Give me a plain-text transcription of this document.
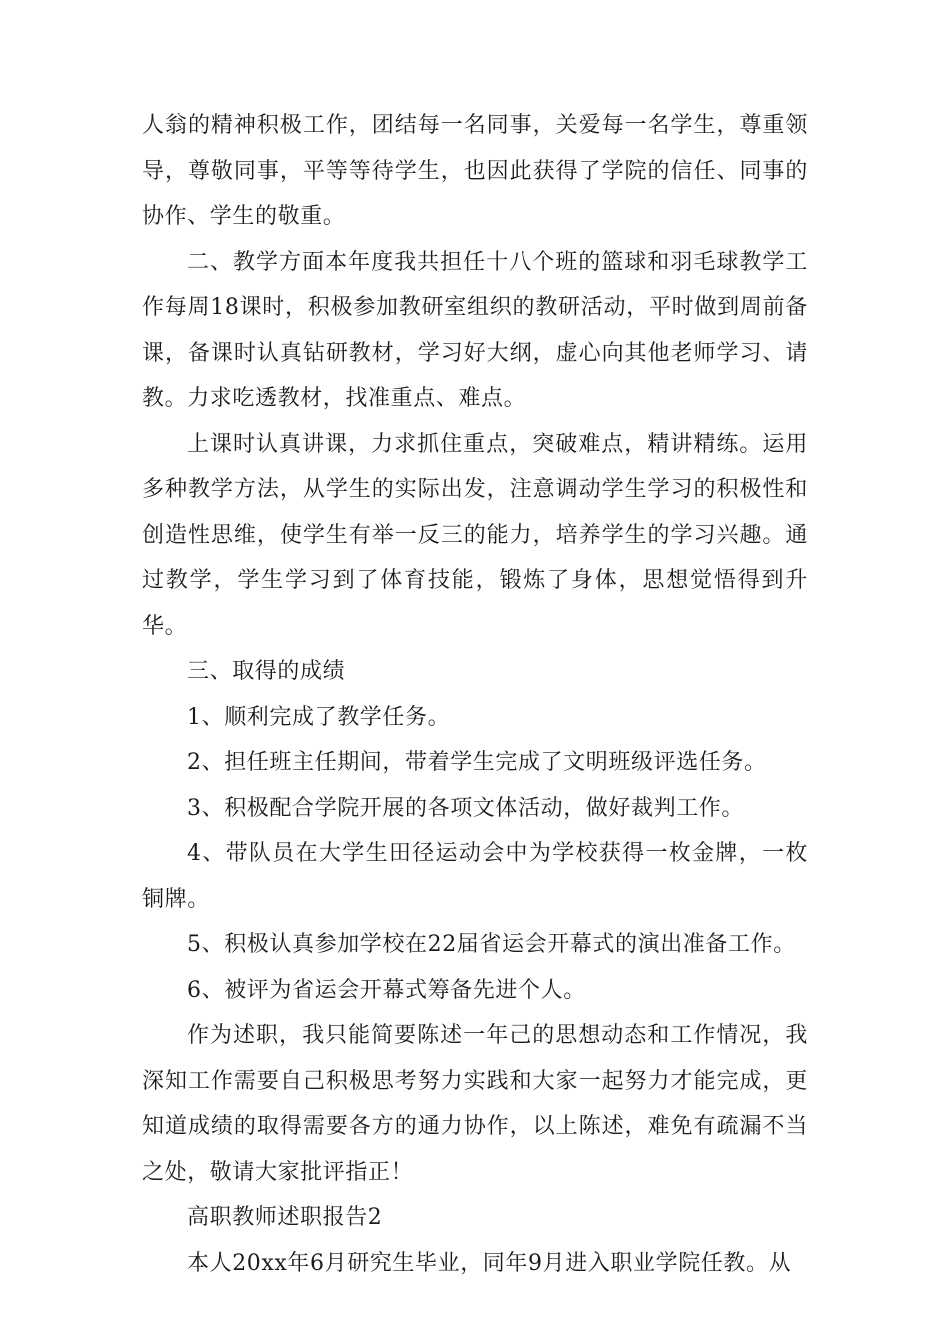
人翁的精神积极工作，团结每一名同事，关爱每一名学生，尊重领导，尊敬同事，平等等待学生，也因此获得了学院的信任、同事的协作、学生的敬重。

二、教学方面本年度我共担任十八个班的篮球和羽毛球教学工作每周18课时，积极参加教研室组织的教研活动，平时做到周前备课，备课时认真钻研教材，学习好大纲，虚心向其他老师学习、请教。力求吃透教材，找准重点、难点。

上课时认真讲课，力求抓住重点，突破难点，精讲精练。运用多种教学方法，从学生的实际出发，注意调动学生学习的积极性和创造性思维，使学生有举一反三的能力，培养学生的学习兴趣。通过教学，学生学习到了体育技能，锻炼了身体，思想觉悟得到升华。

三、取得的成绩

1、顺利完成了教学任务。

2、担任班主任期间，带着学生完成了文明班级评选任务。

3、积极配合学院开展的各项文体活动，做好裁判工作。

4、带队员在大学生田径运动会中为学校获得一枚金牌，一枚铜牌。

5、积极认真参加学校在22届省运会开幕式的演出准备工作。

6、被评为省运会开幕式筹备先进个人。

作为述职，我只能简要陈述一年己的思想动态和工作情况，我深知工作需要自己积极思考努力实践和大家一起努力才能完成，更知道成绩的取得需要各方的通力协作，以上陈述，难免有疏漏不当之处，敬请大家批评指正！

高职教师述职报告2

本人20xx年6月研究生毕业，同年9月进入职业学院任教。从
